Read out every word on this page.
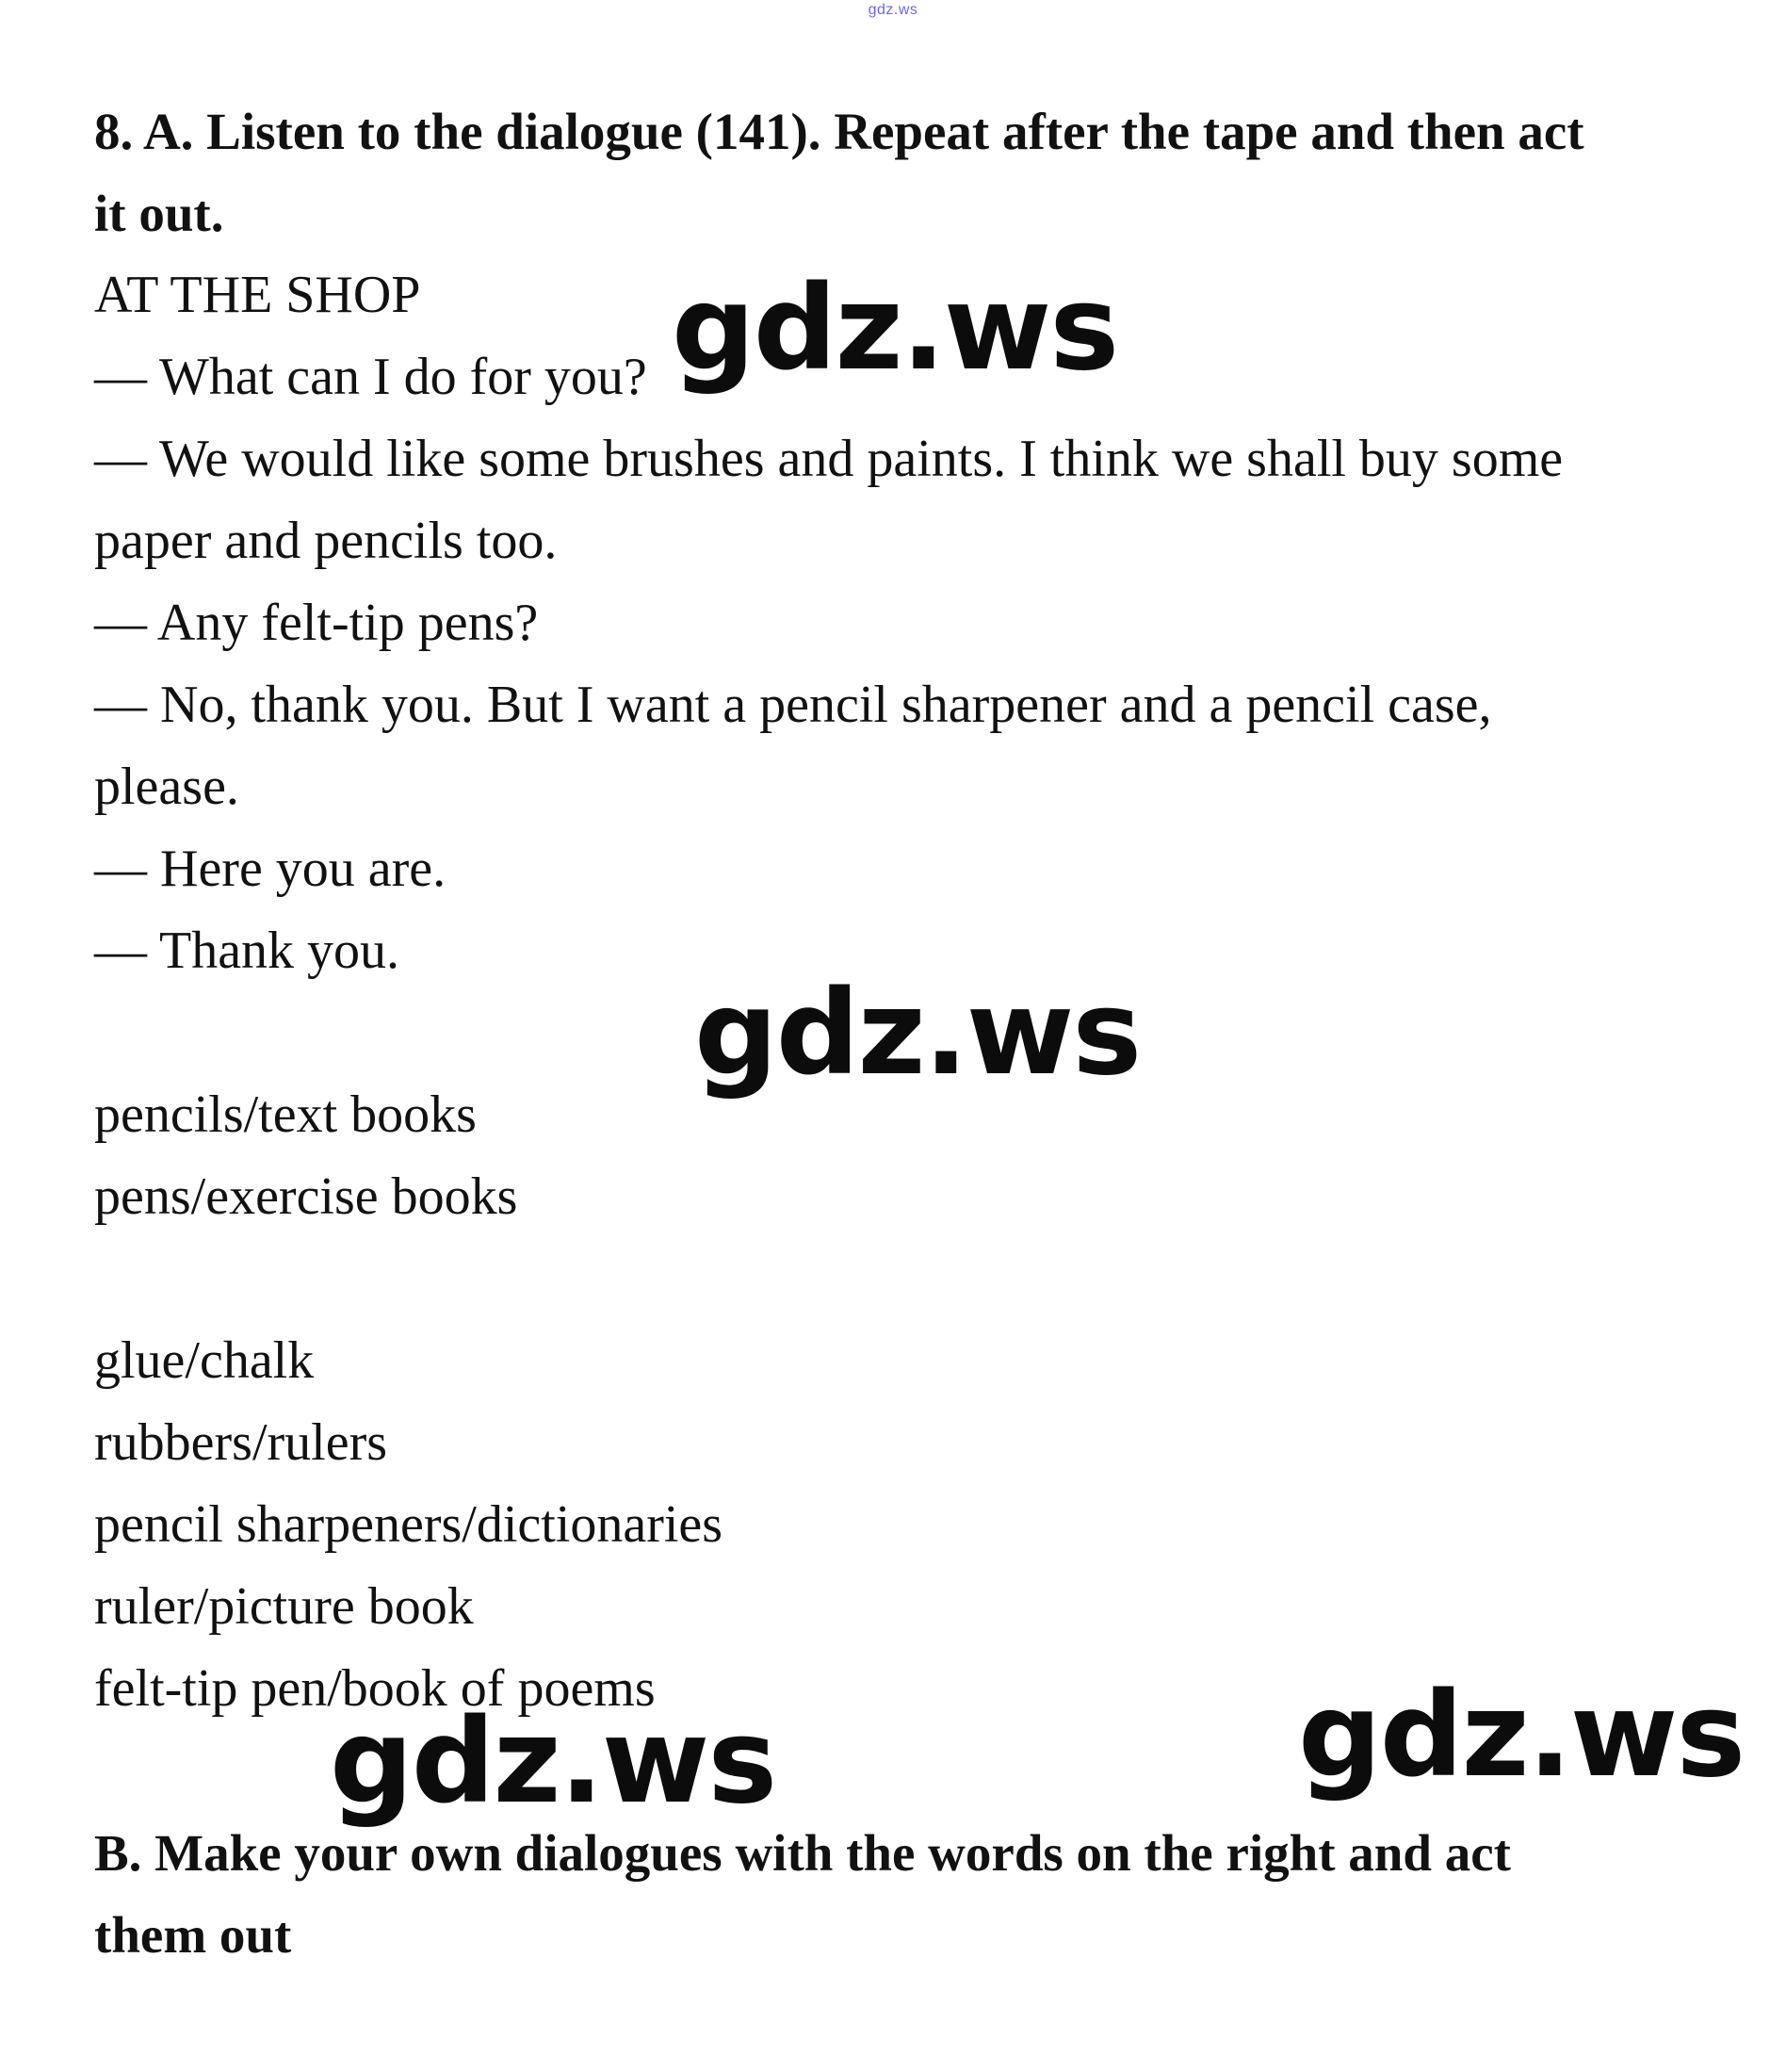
gdz.ws
8. A. Listen to the dialogue (141). Repeat after the tape and then act
it out.
AT THE SHOP
— What can I do for you?
— We would like some brushes and paints. I think we shall buy some
paper and pencils too.
— Any felt-tip pens?
— No, thank you. But I want a pencil sharpener and a pencil case,
please.
— Here you are.
— Thank you.
pencils/text books
pens/exercise books
glue/chalk
rubbers/rulers
pencil sharpeners/dictionaries
ruler/picture book
felt-tip pen/book of poems
B. Make your own dialogues with the words on the right and act
them out
gdz.ws
gdz.ws
gdz.ws	gdz.ws
